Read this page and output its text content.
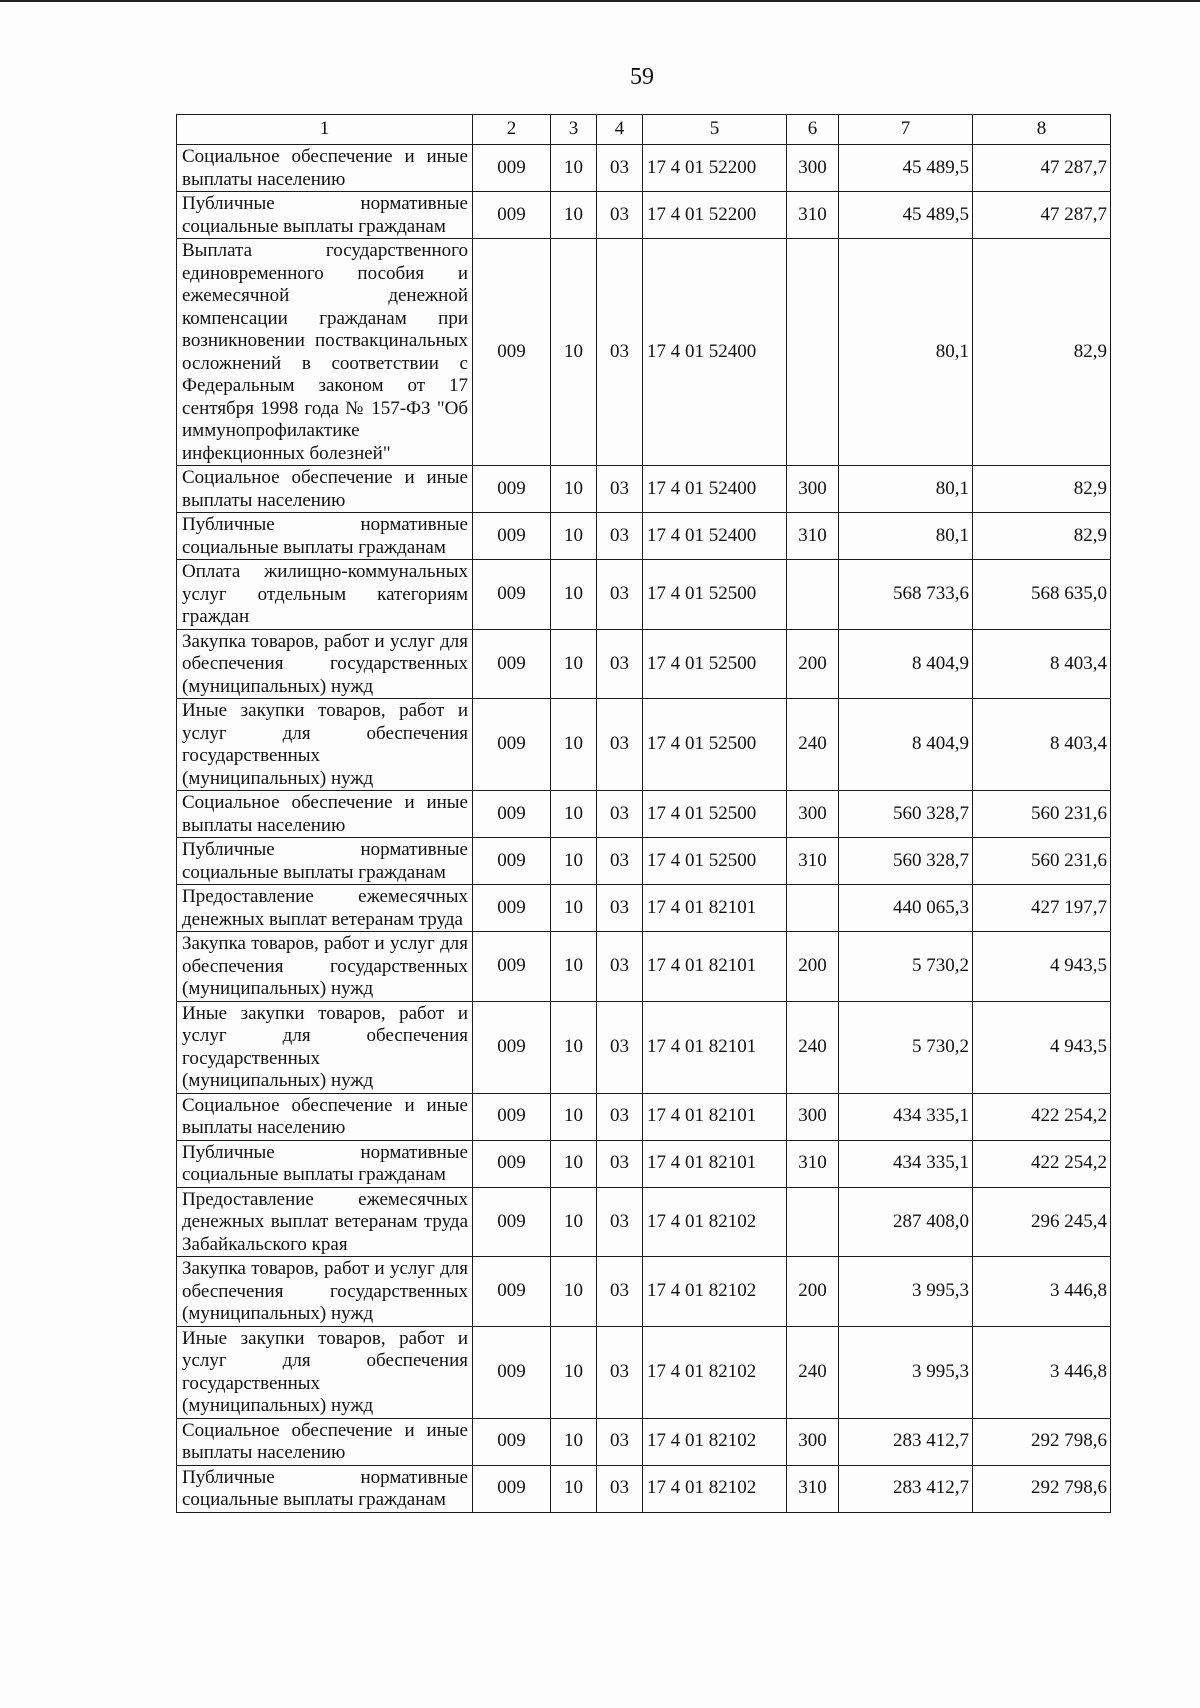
59
1	2	3	4	5	6	7	8
Социальное обеспечение и иные выплаты населению	009	10	03	17 4 01 52200	300	45 489,5	47 287,7
Публичные нормативные социальные выплаты гражданам	009	10	03	17 4 01 52200	310	45 489,5	47 287,7
Выплата государственного единовременного пособия и ежемесячной денежной компенсации гражданам при возникновении поствакцинальных осложнений в соответствии с Федеральным законом от 17 сентября 1998 года № 157-ФЗ "Об иммунопрофилактике инфекционных болезней"	009	10	03	17 4 01 52400		80,1	82,9
Социальное обеспечение и иные выплаты населению	009	10	03	17 4 01 52400	300	80,1	82,9
Публичные нормативные социальные выплаты гражданам	009	10	03	17 4 01 52400	310	80,1	82,9
Оплата жилищно-коммунальных услуг отдельным категориям граждан	009	10	03	17 4 01 52500		568 733,6	568 635,0
Закупка товаров, работ и услуг для обеспечения государственных (муниципальных) нужд	009	10	03	17 4 01 52500	200	8 404,9	8 403,4
Иные закупки товаров, работ и услуг для обеспечения государственных (муниципальных) нужд	009	10	03	17 4 01 52500	240	8 404,9	8 403,4
Социальное обеспечение и иные выплаты населению	009	10	03	17 4 01 52500	300	560 328,7	560 231,6
Публичные нормативные социальные выплаты гражданам	009	10	03	17 4 01 52500	310	560 328,7	560 231,6
Предоставление ежемесячных денежных выплат ветеранам труда	009	10	03	17 4 01 82101		440 065,3	427 197,7
Закупка товаров, работ и услуг для обеспечения государственных (муниципальных) нужд	009	10	03	17 4 01 82101	200	5 730,2	4 943,5
Иные закупки товаров, работ и услуг для обеспечения государственных (муниципальных) нужд	009	10	03	17 4 01 82101	240	5 730,2	4 943,5
Социальное обеспечение и иные выплаты населению	009	10	03	17 4 01 82101	300	434 335,1	422 254,2
Публичные нормативные социальные выплаты гражданам	009	10	03	17 4 01 82101	310	434 335,1	422 254,2
Предоставление ежемесячных денежных выплат ветеранам труда Забайкальского края	009	10	03	17 4 01 82102		287 408,0	296 245,4
Закупка товаров, работ и услуг для обеспечения государственных (муниципальных) нужд	009	10	03	17 4 01 82102	200	3 995,3	3 446,8
Иные закупки товаров, работ и услуг для обеспечения государственных (муниципальных) нужд	009	10	03	17 4 01 82102	240	3 995,3	3 446,8
Социальное обеспечение и иные выплаты населению	009	10	03	17 4 01 82102	300	283 412,7	292 798,6
Публичные нормативные социальные выплаты гражданам	009	10	03	17 4 01 82102	310	283 412,7	292 798,6
